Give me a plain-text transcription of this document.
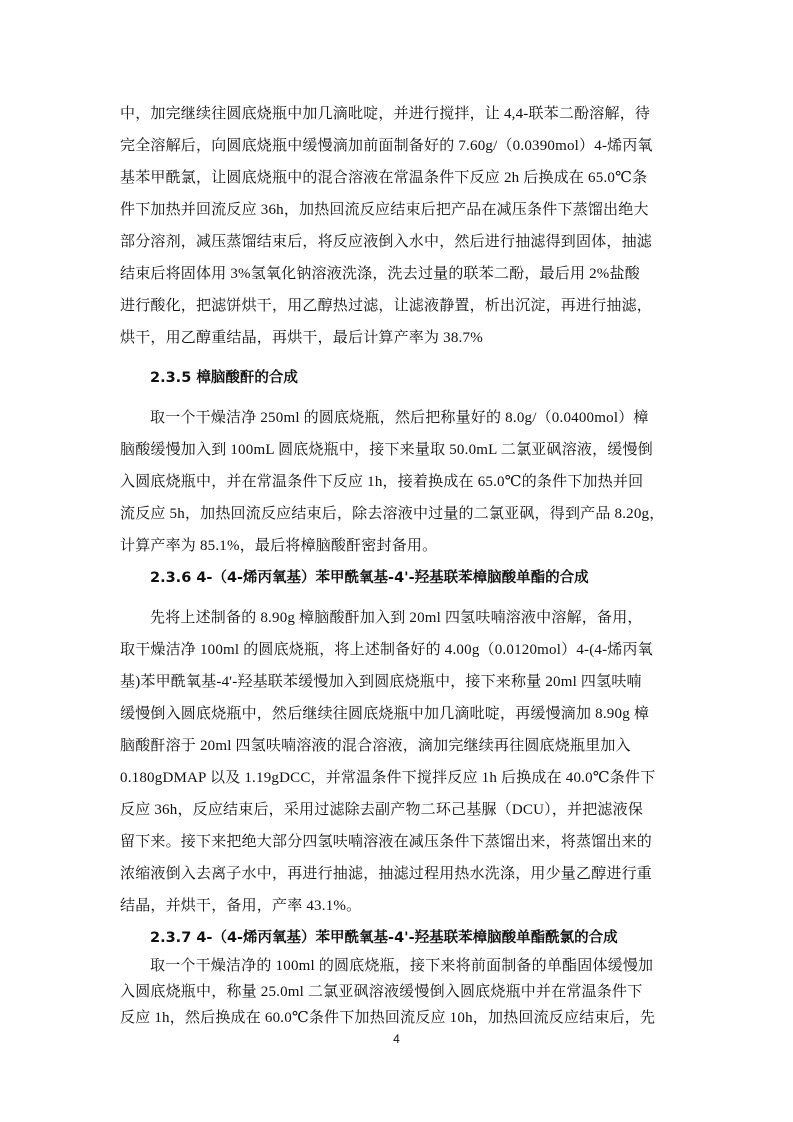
中，加完继续往圆底烧瓶中加几滴吡啶，并进行搅拌，让 4,4-联苯二酚溶解，待
完全溶解后，向圆底烧瓶中缓慢滴加前面制备好的 7.60g/（0.0390mol）4-烯丙氧
基苯甲酰氯，让圆底烧瓶中的混合溶液在常温条件下反应 2h 后换成在 65.0℃条
件下加热并回流反应 36h，加热回流反应结束后把产品在减压条件下蒸馏出绝大
部分溶剂，减压蒸馏结束后，将反应液倒入水中，然后进行抽滤得到固体，抽滤
结束后将固体用 3%氢氧化钠溶液洗涤，洗去过量的联苯二酚，最后用 2%盐酸
进行酸化，把滤饼烘干，用乙醇热过滤，让滤液静置，析出沉淀，再进行抽滤，
烘干，用乙醇重结晶，再烘干，最后计算产率为 38.7%
2.3.5 樟脑酸酐的合成
取一个干燥洁净 250ml 的圆底烧瓶，然后把称量好的 8.0g/（0.0400mol）樟
脑酸缓慢加入到 100mL 圆底烧瓶中，接下来量取 50.0mL 二氯亚砜溶液，缓慢倒
入圆底烧瓶中，并在常温条件下反应 1h，接着换成在 65.0℃的条件下加热并回
流反应 5h，加热回流反应结束后，除去溶液中过量的二氯亚砜，得到产品 8.20g，
计算产率为 85.1%，最后将樟脑酸酐密封备用。
2.3.6 4-（4-烯丙氧基）苯甲酰氧基-4'-羟基联苯樟脑酸单酯的合成
先将上述制备的 8.90g 樟脑酸酐加入到 20ml 四氢呋喃溶液中溶解，备用，
取干燥洁净 100ml 的圆底烧瓶，将上述制备好的 4.00g（0.0120mol）4-(4-烯丙氧
基)苯甲酰氧基-4'-羟基联苯缓慢加入到圆底烧瓶中，接下来称量 20ml 四氢呋喃
缓慢倒入圆底烧瓶中，然后继续往圆底烧瓶中加几滴吡啶，再缓慢滴加 8.90g 樟
脑酸酐溶于 20ml 四氢呋喃溶液的混合溶液，滴加完继续再往圆底烧瓶里加入
0.180gDMAP 以及 1.19gDCC，并常温条件下搅拌反应 1h 后换成在 40.0℃条件下
反应 36h，反应结束后，采用过滤除去副产物二环己基脲（DCU），并把滤液保
留下来。接下来把绝大部分四氢呋喃溶液在减压条件下蒸馏出来，将蒸馏出来的
浓缩液倒入去离子水中，再进行抽滤，抽滤过程用热水洗涤，用少量乙醇进行重
结晶，并烘干，备用，产率 43.1%。
2.3.7 4-（4-烯丙氧基）苯甲酰氧基-4'-羟基联苯樟脑酸单酯酰氯的合成
取一个干燥洁净的 100ml 的圆底烧瓶，接下来将前面制备的单酯固体缓慢加
入圆底烧瓶中，称量 25.0ml 二氯亚砜溶液缓慢倒入圆底烧瓶中并在常温条件下
反应 1h，然后换成在 60.0℃条件下加热回流反应 10h，加热回流反应结束后，先
4
